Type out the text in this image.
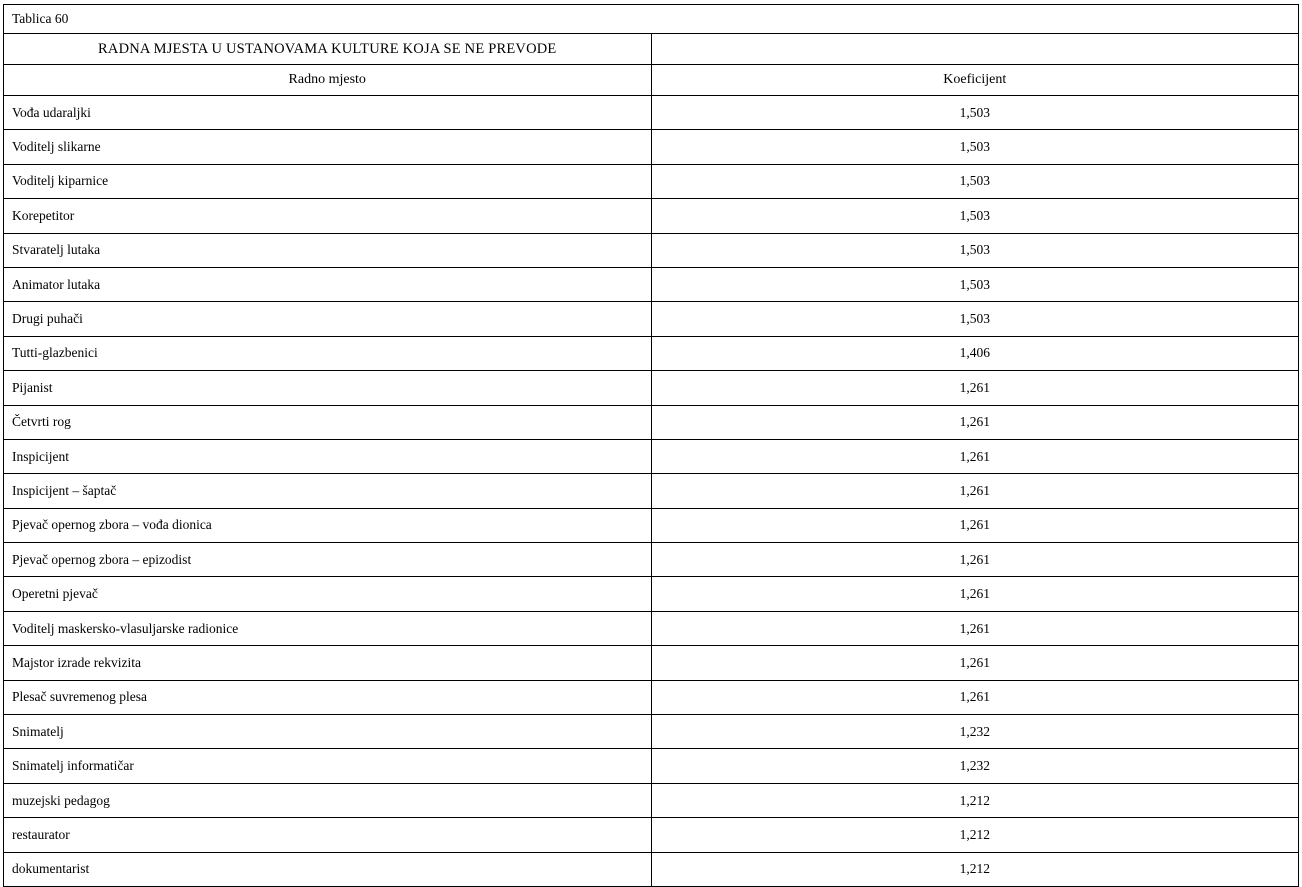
Tablica 60	
RADNA MJESTA U USTANOVAMA KULTURE KOJA SE NE PREVODE	
Radno mjesto	Koeficijent
Vođa udaraljki	1,503
Voditelj slikarne	1,503
Voditelj kiparnice	1,503
Korepetitor	1,503
Stvaratelj lutaka	1,503
Animator lutaka	1,503
Drugi puhači	1,503
Tutti-glazbenici	1,406
Pijanist	1,261
Četvrti rog	1,261
Inspicijent	1,261
Inspicijent – šaptač	1,261
Pjevač opernog zbora – vođa dionica	1,261
Pjevač opernog zbora – epizodist	1,261
Operetni pjevač	1,261
Voditelj maskersko-vlasuljarske radionice	1,261
Majstor izrade rekvizita	1,261
Plesač suvremenog plesa	1,261
Snimatelj	1,232
Snimatelj informatičar	1,232
muzejski pedagog	1,212
restaurator	1,212
dokumentarist	1,212
